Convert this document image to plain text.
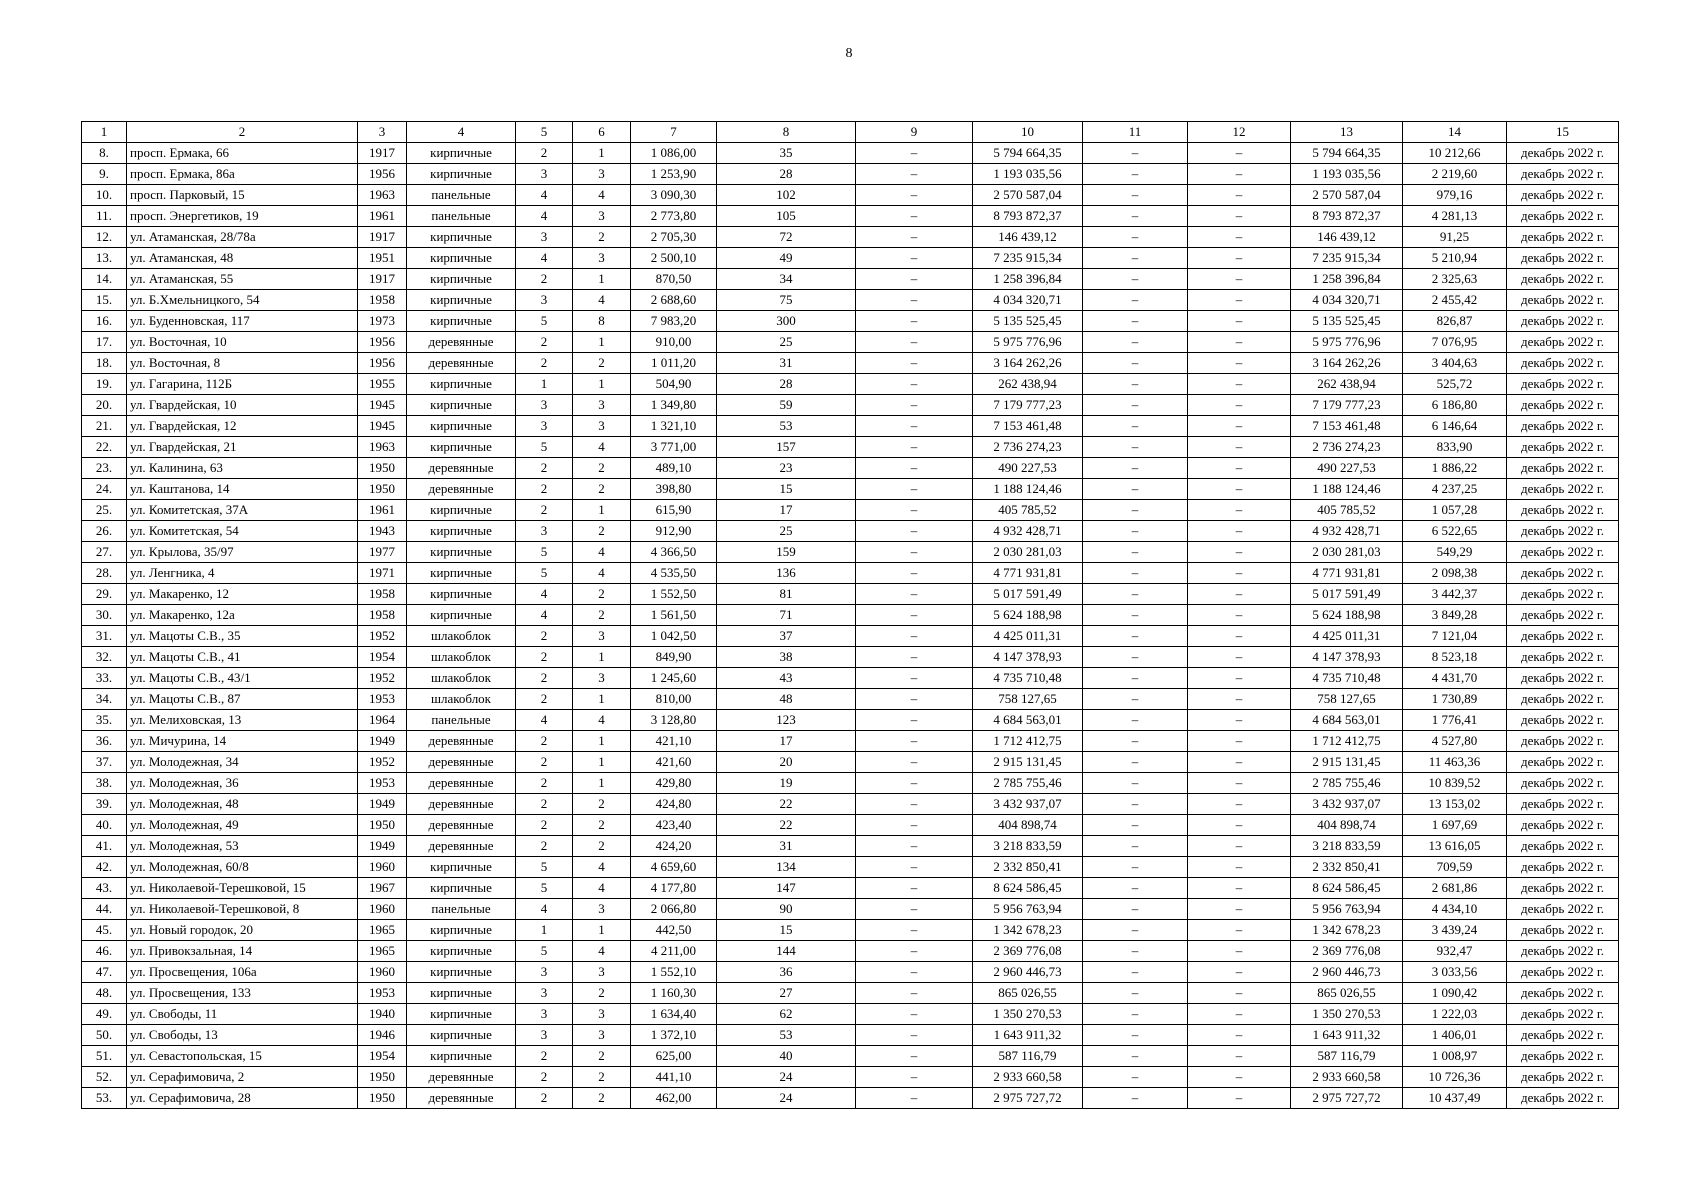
8
1	2	3	4	5	6	7	8	9	10	11	12	13	14	15
8.	просп. Ермака, 66	1917	кирпичные	2	1	1 086,00	35	–	5 794 664,35	–	–	5 794 664,35	10 212,66	декабрь 2022 г.
9.	просп. Ермака, 86а	1956	кирпичные	3	3	1 253,90	28	–	1 193 035,56	–	–	1 193 035,56	2 219,60	декабрь 2022 г.
10.	просп. Парковый, 15	1963	панельные	4	4	3 090,30	102	–	2 570 587,04	–	–	2 570 587,04	979,16	декабрь 2022 г.
11.	просп. Энергетиков, 19	1961	панельные	4	3	2 773,80	105	–	8 793 872,37	–	–	8 793 872,37	4 281,13	декабрь 2022 г.
12.	ул. Атаманская, 28/78а	1917	кирпичные	3	2	2 705,30	72	–	146 439,12	–	–	146 439,12	91,25	декабрь 2022 г.
13.	ул. Атаманская, 48	1951	кирпичные	4	3	2 500,10	49	–	7 235 915,34	–	–	7 235 915,34	5 210,94	декабрь 2022 г.
14.	ул. Атаманская, 55	1917	кирпичные	2	1	870,50	34	–	1 258 396,84	–	–	1 258 396,84	2 325,63	декабрь 2022 г.
15.	ул. Б.Хмельницкого, 54	1958	кирпичные	3	4	2 688,60	75	–	4 034 320,71	–	–	4 034 320,71	2 455,42	декабрь 2022 г.
16.	ул. Буденновская, 117	1973	кирпичные	5	8	7 983,20	300	–	5 135 525,45	–	–	5 135 525,45	826,87	декабрь 2022 г.
17.	ул. Восточная, 10	1956	деревянные	2	1	910,00	25	–	5 975 776,96	–	–	5 975 776,96	7 076,95	декабрь 2022 г.
18.	ул. Восточная, 8	1956	деревянные	2	2	1 011,20	31	–	3 164 262,26	–	–	3 164 262,26	3 404,63	декабрь 2022 г.
19.	ул. Гагарина, 112Б	1955	кирпичные	1	1	504,90	28	–	262 438,94	–	–	262 438,94	525,72	декабрь 2022 г.
20.	ул. Гвардейская, 10	1945	кирпичные	3	3	1 349,80	59	–	7 179 777,23	–	–	7 179 777,23	6 186,80	декабрь 2022 г.
21.	ул. Гвардейская, 12	1945	кирпичные	3	3	1 321,10	53	–	7 153 461,48	–	–	7 153 461,48	6 146,64	декабрь 2022 г.
22.	ул. Гвардейская, 21	1963	кирпичные	5	4	3 771,00	157	–	2 736 274,23	–	–	2 736 274,23	833,90	декабрь 2022 г.
23.	ул. Калинина, 63	1950	деревянные	2	2	489,10	23	–	490 227,53	–	–	490 227,53	1 886,22	декабрь 2022 г.
24.	ул. Каштанова, 14	1950	деревянные	2	2	398,80	15	–	1 188 124,46	–	–	1 188 124,46	4 237,25	декабрь 2022 г.
25.	ул. Комитетская, 37А	1961	кирпичные	2	1	615,90	17	–	405 785,52	–	–	405 785,52	1 057,28	декабрь 2022 г.
26.	ул. Комитетская, 54	1943	кирпичные	3	2	912,90	25	–	4 932 428,71	–	–	4 932 428,71	6 522,65	декабрь 2022 г.
27.	ул. Крылова, 35/97	1977	кирпичные	5	4	4 366,50	159	–	2 030 281,03	–	–	2 030 281,03	549,29	декабрь 2022 г.
28.	ул. Ленгника, 4	1971	кирпичные	5	4	4 535,50	136	–	4 771 931,81	–	–	4 771 931,81	2 098,38	декабрь 2022 г.
29.	ул. Макаренко, 12	1958	кирпичные	4	2	1 552,50	81	–	5 017 591,49	–	–	5 017 591,49	3 442,37	декабрь 2022 г.
30.	ул. Макаренко, 12а	1958	кирпичные	4	2	1 561,50	71	–	5 624 188,98	–	–	5 624 188,98	3 849,28	декабрь 2022 г.
31.	ул. Мацоты С.В., 35	1952	шлакоблок	2	3	1 042,50	37	–	4 425 011,31	–	–	4 425 011,31	7 121,04	декабрь 2022 г.
32.	ул. Мацоты С.В., 41	1954	шлакоблок	2	1	849,90	38	–	4 147 378,93	–	–	4 147 378,93	8 523,18	декабрь 2022 г.
33.	ул. Мацоты С.В., 43/1	1952	шлакоблок	2	3	1 245,60	43	–	4 735 710,48	–	–	4 735 710,48	4 431,70	декабрь 2022 г.
34.	ул. Мацоты С.В., 87	1953	шлакоблок	2	1	810,00	48	–	758 127,65	–	–	758 127,65	1 730,89	декабрь 2022 г.
35.	ул. Мелиховская, 13	1964	панельные	4	4	3 128,80	123	–	4 684 563,01	–	–	4 684 563,01	1 776,41	декабрь 2022 г.
36.	ул. Мичурина, 14	1949	деревянные	2	1	421,10	17	–	1 712 412,75	–	–	1 712 412,75	4 527,80	декабрь 2022 г.
37.	ул. Молодежная, 34	1952	деревянные	2	1	421,60	20	–	2 915 131,45	–	–	2 915 131,45	11 463,36	декабрь 2022 г.
38.	ул. Молодежная, 36	1953	деревянные	2	1	429,80	19	–	2 785 755,46	–	–	2 785 755,46	10 839,52	декабрь 2022 г.
39.	ул. Молодежная, 48	1949	деревянные	2	2	424,80	22	–	3 432 937,07	–	–	3 432 937,07	13 153,02	декабрь 2022 г.
40.	ул. Молодежная, 49	1950	деревянные	2	2	423,40	22	–	404 898,74	–	–	404 898,74	1 697,69	декабрь 2022 г.
41.	ул. Молодежная, 53	1949	деревянные	2	2	424,20	31	–	3 218 833,59	–	–	3 218 833,59	13 616,05	декабрь 2022 г.
42.	ул. Молодежная, 60/8	1960	кирпичные	5	4	4 659,60	134	–	2 332 850,41	–	–	2 332 850,41	709,59	декабрь 2022 г.
43.	ул. Николаевой-Терешковой, 15	1967	кирпичные	5	4	4 177,80	147	–	8 624 586,45	–	–	8 624 586,45	2 681,86	декабрь 2022 г.
44.	ул. Николаевой-Терешковой, 8	1960	панельные	4	3	2 066,80	90	–	5 956 763,94	–	–	5 956 763,94	4 434,10	декабрь 2022 г.
45.	ул. Новый городок, 20	1965	кирпичные	1	1	442,50	15	–	1 342 678,23	–	–	1 342 678,23	3 439,24	декабрь 2022 г.
46.	ул. Привокзальная, 14	1965	кирпичные	5	4	4 211,00	144	–	2 369 776,08	–	–	2 369 776,08	932,47	декабрь 2022 г.
47.	ул. Просвещения, 106а	1960	кирпичные	3	3	1 552,10	36	–	2 960 446,73	–	–	2 960 446,73	3 033,56	декабрь 2022 г.
48.	ул. Просвещения, 133	1953	кирпичные	3	2	1 160,30	27	–	865 026,55	–	–	865 026,55	1 090,42	декабрь 2022 г.
49.	ул. Свободы, 11	1940	кирпичные	3	3	1 634,40	62	–	1 350 270,53	–	–	1 350 270,53	1 222,03	декабрь 2022 г.
50.	ул. Свободы, 13	1946	кирпичные	3	3	1 372,10	53	–	1 643 911,32	–	–	1 643 911,32	1 406,01	декабрь 2022 г.
51.	ул. Севастопольская, 15	1954	кирпичные	2	2	625,00	40	–	587 116,79	–	–	587 116,79	1 008,97	декабрь 2022 г.
52.	ул. Серафимовича, 2	1950	деревянные	2	2	441,10	24	–	2 933 660,58	–	–	2 933 660,58	10 726,36	декабрь 2022 г.
53.	ул. Серафимовича, 28	1950	деревянные	2	2	462,00	24	–	2 975 727,72	–	–	2 975 727,72	10 437,49	декабрь 2022 г.
